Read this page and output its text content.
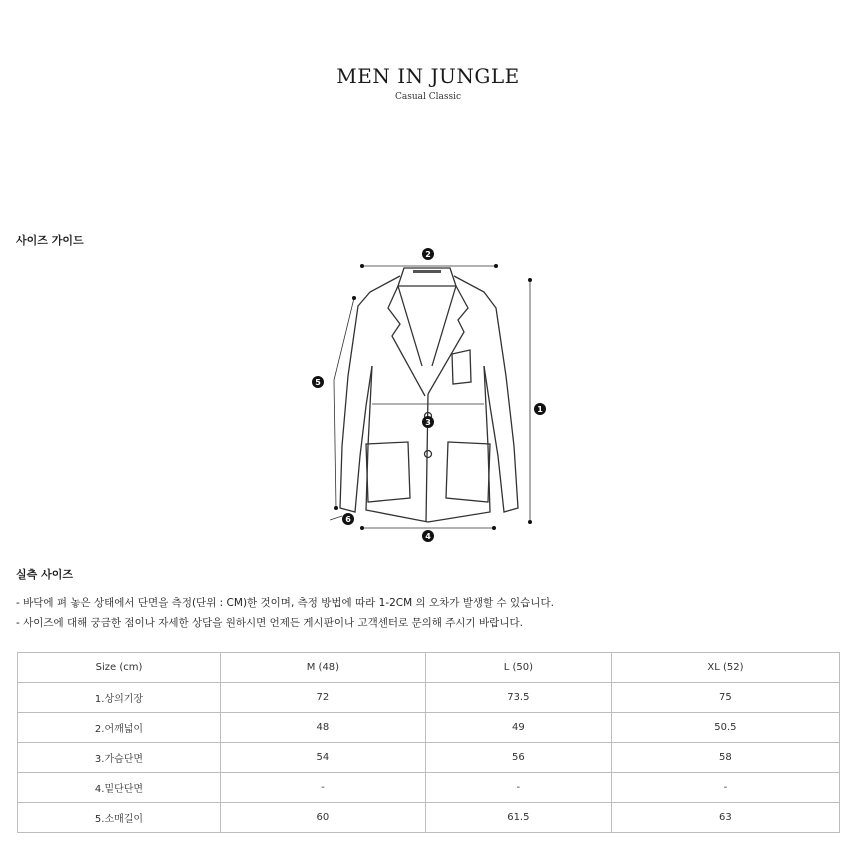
MEN IN JUNGLE
Casual Classic
사이즈 가이드
1
2
3
4
5
6
실측 사이즈
- 바닥에 펴 놓은 상태에서 단면을 측정(단위 : CM)한 것이며, 측정 방법에 따라 1-2CM 의 오차가 발생할 수 있습니다.
- 사이즈에 대해 궁금한 점이나 자세한 상담을 원하시면 언제든 게시판이나 고객센터로 문의해 주시기 바랍니다.
Size (cm)	M (48)	L (50)	XL (52)
1.상의기장	72	73.5	75
2.어깨넓이	48	49	50.5
3.가슴단면	54	56	58
4.밑단단면	-	-	-
5.소매길이	60	61.5	63
